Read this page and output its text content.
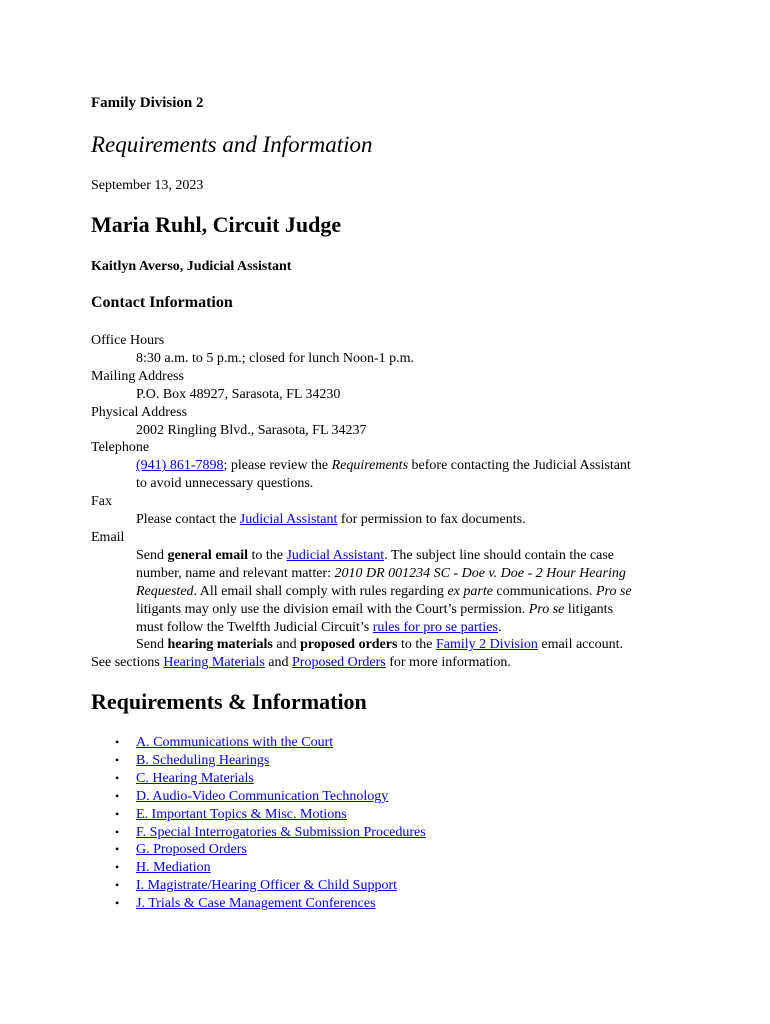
Family Division 2
Requirements and Information
September 13, 2023
Maria Ruhl, Circuit Judge
Kaitlyn Averso, Judicial Assistant
Contact Information
Office Hours
8:30 a.m. to 5 p.m.; closed for lunch Noon-1 p.m.
Mailing Address
P.O. Box 48927, Sarasota, FL 34230
Physical Address
2002 Ringling Blvd., Sarasota, FL 34237
Telephone
(941) 861-7898; please review the Requirements before contacting the Judicial Assistant
to avoid unnecessary questions.
Fax
Please contact the Judicial Assistant for permission to fax documents.
Email
Send general email to the Judicial Assistant. The subject line should contain the case
number, name and relevant matter: 2010 DR 001234 SC - Doe v. Doe - 2 Hour Hearing
Requested. All email shall comply with rules regarding ex parte communications. Pro se
litigants may only use the division email with the Court’s permission. Pro se litigants
must follow the Twelfth Judicial Circuit’s rules for pro se parties.
Send hearing materials and proposed orders to the Family 2 Division email account.
See sections Hearing Materials and Proposed Orders for more information.
Requirements & Information
• A. Communications with the Court
• B. Scheduling Hearings
• C. Hearing Materials
• D. Audio-Video Communication Technology
• E. Important Topics & Misc. Motions
• F. Special Interrogatories & Submission Procedures
• G. Proposed Orders
• H. Mediation
• I. Magistrate/Hearing Officer & Child Support
• J. Trials & Case Management Conferences
